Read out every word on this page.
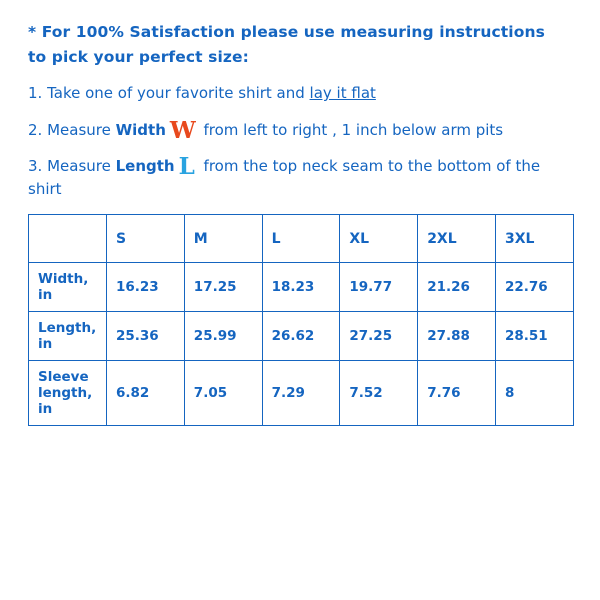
* For 100% Satisfaction please use measuring instructions
to pick your perfect size:
1. Take one of your favorite shirt and lay it flat
2. Measure Width W from left to right , 1 inch below arm pits
3. Measure Length L from the top neck seam to the bottom of the shirt
	S	M	L	XL	2XL	3XL
Width, in	16.23	17.25	18.23	19.77	21.26	22.76
Length, in	25.36	25.99	26.62	27.25	27.88	28.51
Sleeve length, in	6.82	7.05	7.29	7.52	7.76	8
